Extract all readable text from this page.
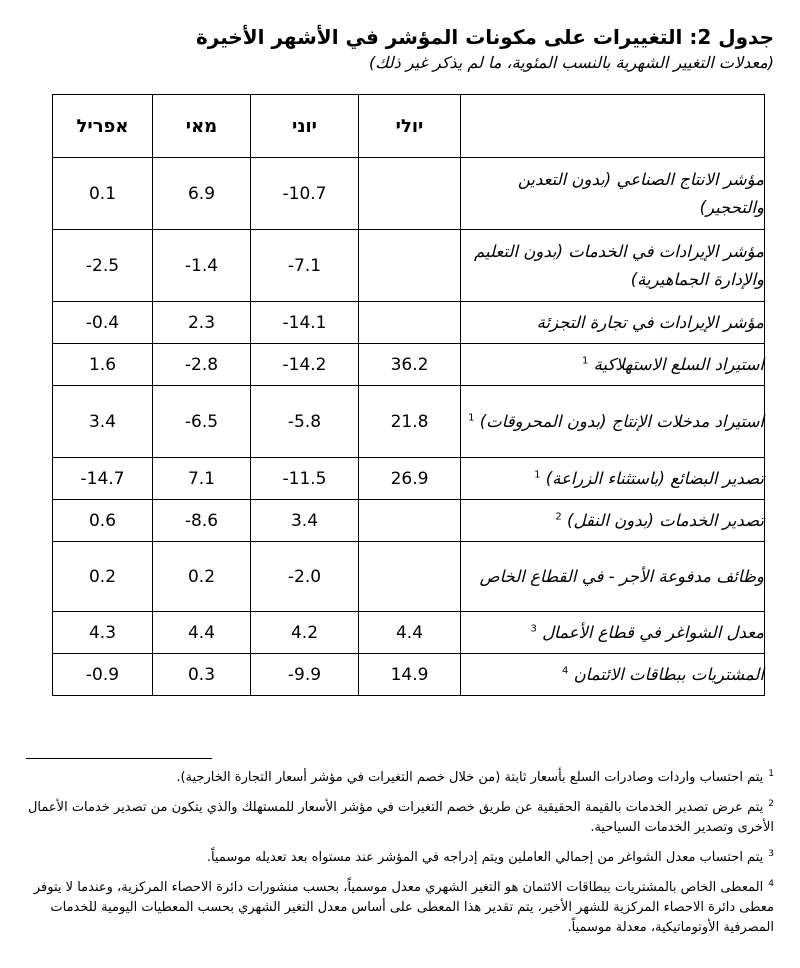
جدول 2: التغييرات على مكونات المؤشر في الأشهر الأخيرة
(معدلات التغيير الشهرية بالنسب المئوية، ما لم يذكر غير ذلك)
אפריל	מאי	יוני	יולי	
0.1	6.9	-10.7		مؤشر الانتاج الصناعي (بدون التعدين والتحجير)
-2.5	-1.4	-7.1		مؤشر الإيرادات في الخدمات (بدون التعليم والإدارة الجماهيرية)
-0.4	2.3	-14.1		مؤشر الإيرادات في تجارة التجزئة
1.6	-2.8	-14.2	36.2	استيراد السلع الاستهلاكية $^1$
3.4	-6.5	-5.8	21.8	استيراد مدخلات الإنتاج (بدون المحروقات) $^1$
-14.7	7.1	-11.5	26.9	تصدير البضائع (باستثناء الزراعة) $^1$
0.6	-8.6	3.4		تصدير الخدمات (بدون النقل) $^2$
0.2	0.2	-2.0		وظائف مدفوعة الأجر - في القطاع الخاص
4.3	4.4	4.2	4.4	معدل الشواغر في قطاع الأعمال $^3$
-0.9	0.3	-9.9	14.9	المشتريات ببطاقات الائتمان $^4$

$^1$يتم احتساب واردات وصادرات السلع بأسعار ثابتة (من خلال خصم التغيرات في مؤشر أسعار التجارة الخارجية).

$^2$يتم عرض تصدير الخدمات بالقيمة الحقيقية عن طريق خصم التغيرات في مؤشر الأسعار للمستهلك والذي يتكون من تصدير خدمات الأعمال الأخرى وتصدير الخدمات السياحية.

$^3$يتم احتساب معدل الشواغر من إجمالي العاملين ويتم إدراجه في المؤشر عند مستواه بعد تعديله موسمياً.

$^4$المعطى الخاص بالمشتريات ببطاقات الائتمان هو التغير الشهري معدل موسمياً، بحسب منشورات دائرة الاحصاء المركزية، وعندما لا يتوفر معطى دائرة الاحصاء المركزية للشهر الأخير، يتم تقدير هذا المعطى على أساس معدل التغير الشهري بحسب المعطيات اليومية للخدمات المصرفية الأوتوماتيكية، معدلة موسمياً.
